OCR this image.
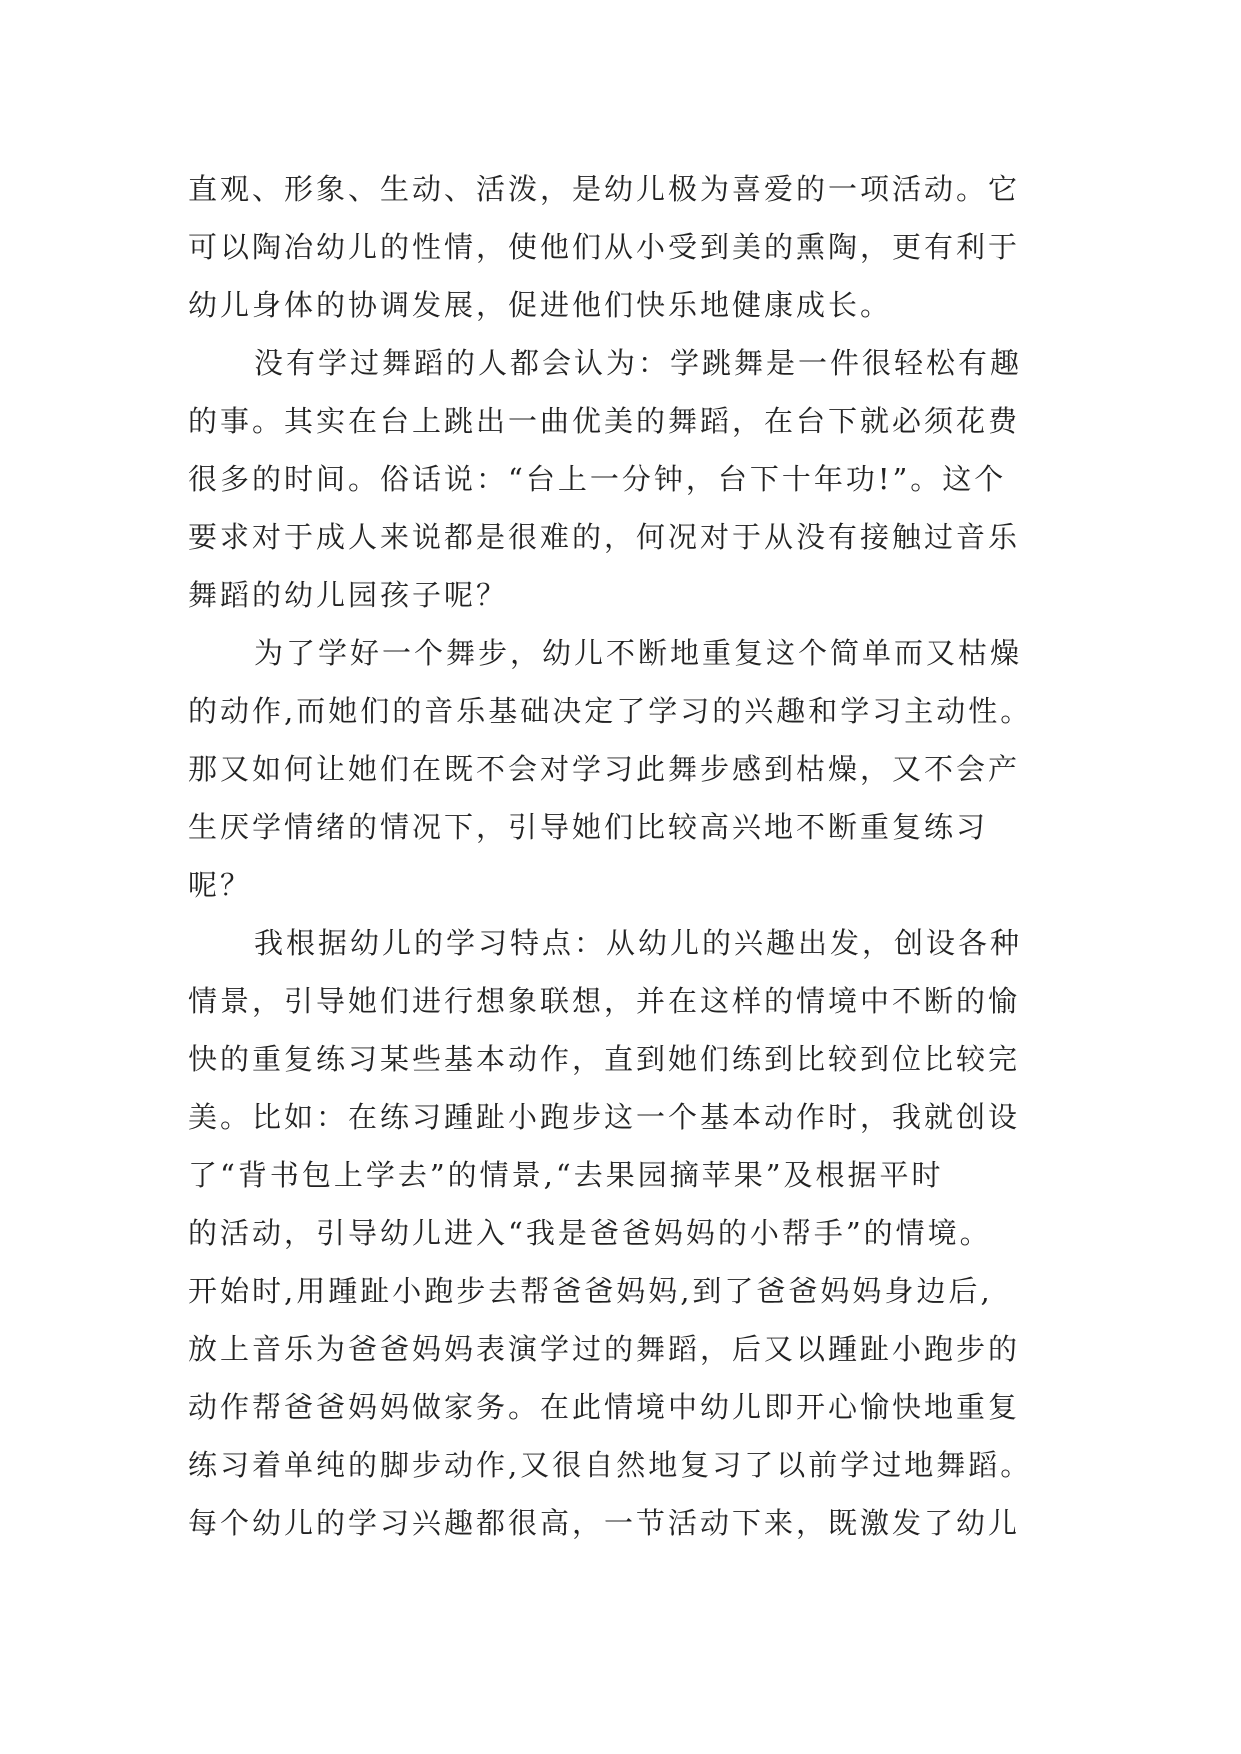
直观、形象、生动、活泼，是幼儿极为喜爱的一项活动。它
可以陶冶幼儿的性情，使他们从小受到美的熏陶，更有利于
幼儿身体的协调发展，促进他们快乐地健康成长。
没有学过舞蹈的人都会认为：学跳舞是一件很轻松有趣
的事。其实在台上跳出一曲优美的舞蹈，在台下就必须花费
很多的时间。俗话说：“台上一分钟，台下十年功!”。这个
要求对于成人来说都是很难的，何况对于从没有接触过音乐
舞蹈的幼儿园孩子呢？
为了学好一个舞步，幼儿不断地重复这个简单而又枯燥
的动作,而她们的音乐基础决定了学习的兴趣和学习主动性。
那又如何让她们在既不会对学习此舞步感到枯燥，又不会产
生厌学情绪的情况下，引导她们比较高兴地不断重复练习
呢？
我根据幼儿的学习特点：从幼儿的兴趣出发，创设各种
情景，引导她们进行想象联想，并在这样的情境中不断的愉
快的重复练习某些基本动作，直到她们练到比较到位比较完
美。比如：在练习踵趾小跑步这一个基本动作时，我就创设
了“背书包上学去”的情景,“去果园摘苹果”及根据平时
的活动，引导幼儿进入“我是爸爸妈妈的小帮手”的情境。
开始时,用踵趾小跑步去帮爸爸妈妈,到了爸爸妈妈身边后,
放上音乐为爸爸妈妈表演学过的舞蹈，后又以踵趾小跑步的
动作帮爸爸妈妈做家务。在此情境中幼儿即开心愉快地重复
练习着单纯的脚步动作,又很自然地复习了以前学过地舞蹈。
每个幼儿的学习兴趣都很高，一节活动下来，既激发了幼儿
